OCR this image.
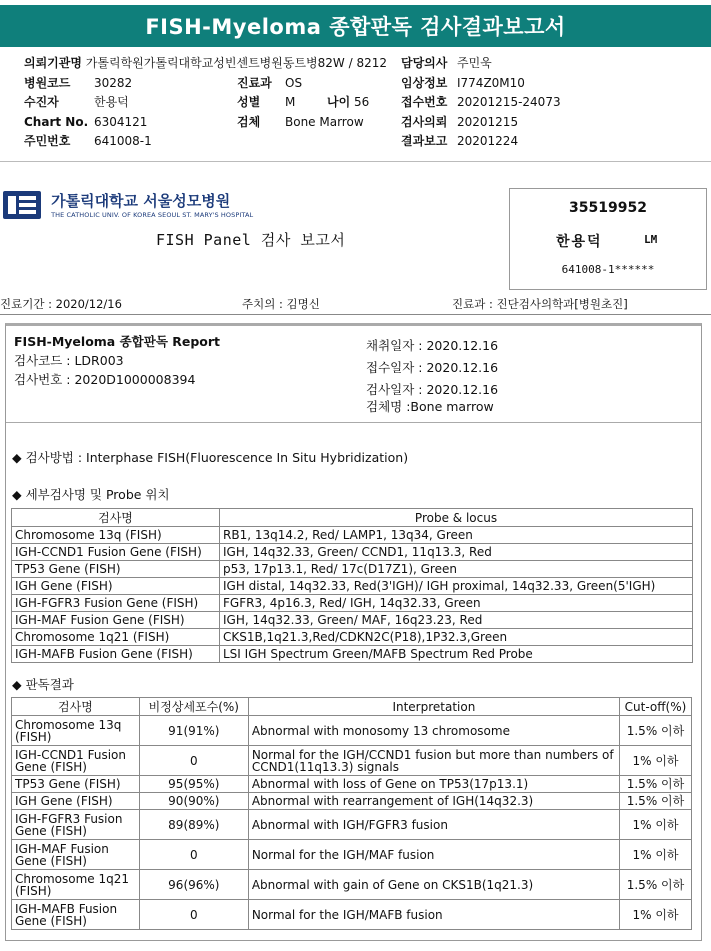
FISH-Myeloma 종합판독 검사결과보고서
의뢰기관명 가톨릭학원가톨릭대학교성빈센트병원동트병82W / 8212
병원코드 30282
수진자	한용덕
Chart No. 6304121
주민번호 641008-1
진료과 OS
성별 M	나이 56
검체 Bone Marrow
담당의사 주민욱
임상정보 I774Z0M10
접수번호 20201215-24073
검사의뢰 20201215
결과보고 20201224

가톨릭대학교 서울성모병원
THE CATHOLIC UNIV. OF KOREA SEOUL ST. MARY'S HOSPITAL
FISH Panel 검사 보고서
35519952
한용덕	LM
641008-1******
진료기간 : 2020/12/16	주치의 : 김명신	진료과 : 진단검사의학과[병원초진]
FISH-Myeloma 종합판독 Report
검사코드 : LDR003
검사번호 : 2020D1000008394
채취일자 : 2020.12.16
접수일자 : 2020.12.16
검사일자 : 2020.12.16
검체명 :Bone marrow
◆ 검사방법 : Interphase FISH(Fluorescence In Situ Hybridization)
◆ 세부검사명 및 Probe 위치
검사명	Probe & locus
Chromosome 13q (FISH)	RB1, 13q14.2, Red/ LAMP1, 13q34, Green
IGH-CCND1 Fusion Gene (FISH)	IGH, 14q32.33, Green/ CCND1, 11q13.3, Red
TP53 Gene (FISH)	p53, 17p13.1, Red/ 17c(D17Z1), Green
IGH Gene (FISH)	IGH distal, 14q32.33, Red(3'IGH)/ IGH proximal, 14q32.33, Green(5'IGH)
IGH-FGFR3 Fusion Gene (FISH)	FGFR3, 4p16.3, Red/ IGH, 14q32.33, Green
IGH-MAF Fusion Gene (FISH)	IGH, 14q32.33, Green/ MAF, 16q23.23, Red
Chromosome 1q21 (FISH)	CKS1B,1q21.3,Red/CDKN2C(P18),1P32.3,Green
IGH-MAFB Fusion Gene (FISH)	LSI IGH Spectrum Green/MAFB Spectrum Red Probe
◆ 판독결과
검사명	비정상세포수(%)	Interpretation	Cut-off(%)
Chromosome 13q (FISH)	91(91%)	Abnormal with monosomy 13 chromosome	1.5% 이하
IGH-CCND1 Fusion Gene (FISH)	0	Normal for the IGH/CCND1 fusion but more than numbers of CCND1(11q13.3) signals	1% 이하
TP53 Gene (FISH)	95(95%)	Abnormal with loss of Gene on TP53(17p13.1)	1.5% 이하
IGH Gene (FISH)	90(90%)	Abnormal with rearrangement of IGH(14q32.3)	1.5% 이하
IGH-FGFR3 Fusion Gene (FISH)	89(89%)	Abnormal with IGH/FGFR3 fusion	1% 이하
IGH-MAF Fusion Gene (FISH)	0	Normal for the IGH/MAF fusion	1% 이하
Chromosome 1q21 (FISH)	96(96%)	Abnormal with gain of Gene on CKS1B(1q21.3)	1.5% 이하
IGH-MAFB Fusion Gene (FISH)	0	Normal for the IGH/MAFB fusion	1% 이하
